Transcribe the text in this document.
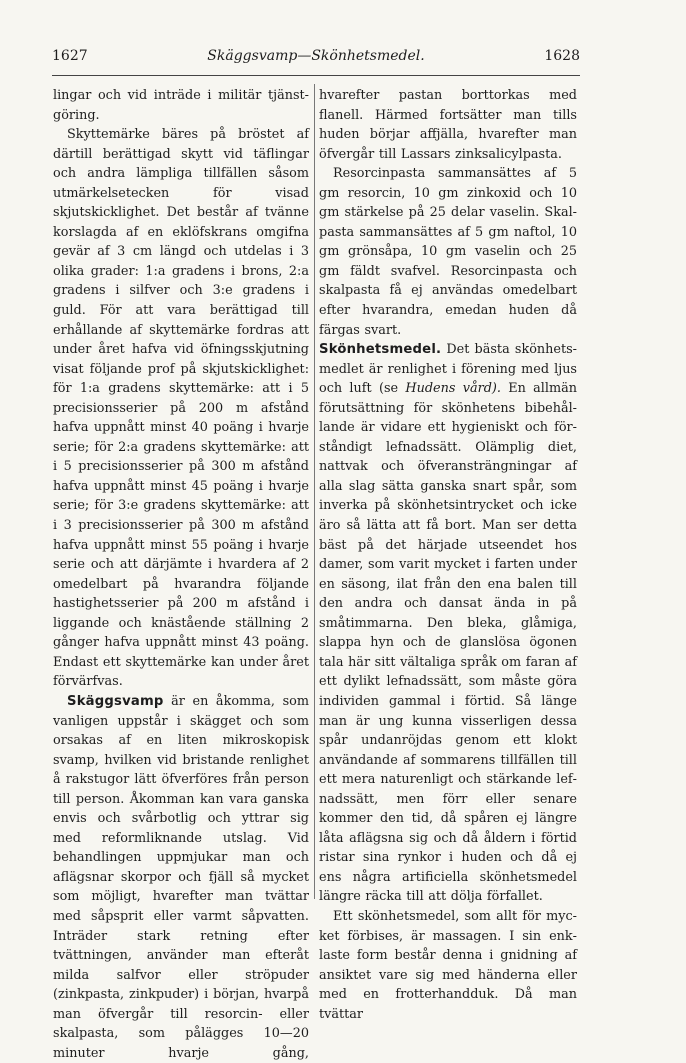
1627	Skäggsvamp—Skönhetsmedel.	1628

lingar och vid inträde i militär tjänstgöring.

Skyttemärke bäres på bröstet af därtill berättigad skytt vid täflingar och andra lämpliga tillfällen såsom utmärkelsetecken för visad skjutskicklighet. Det består af tvänne korslagda af en eklöfskrans omgifna gevär af 3 cm längd och utdelas i 3 olika grader: 1:a gradens i brons, 2:a gradens i silfver och 3:e gradens i guld. För att vara berättigad till erhållande af skyttemärke fordras att under året hafva vid öfningsskjutning visat följande prof på skjutskicklighet: för 1:a gradens skyttemärke: att i 5 precisionsserier på 200 m afstånd hafva uppnått minst 40 poäng i hvarje serie; för 2:a gradens skyttemärke: att i 5 precisionsserier på 300 m afstånd hafva uppnått minst 45 poäng i hvarje serie; för 3:e gradens skyttemärke: att i 3 precisionsserier på 300 m afstånd hafva uppnått minst 55 poäng i hvarje serie och att därjämte i hvardera af 2 omedelbart på hvarandra följande hastighetsserier på 200 m afstånd i liggande och knästående ställning 2 gånger hafva uppnått minst 43 poäng. Endast ett skyttemärke kan under året förvärfvas.

Skäggsvamp är en åkomma, som vanligen uppstår i skägget och som orsakas af en liten mikroskopisk svamp, hvilken vid bristande renlighet å rakstugor lätt öfverföres från person till person. Åkomman kan vara ganska envis och svårbotlig och yttrar sig med reformliknande utslag. Vid behandlingen uppmjukar man och aflägsnar skorpor och fjäll så mycket som möjligt, hvarefter man tvättar med såpsprit eller varmt såpvatten. Inträder stark retning efter tvättningen, använder man efteråt milda salfvor eller ströpuder (zinkpasta, zinkpuder) i början, hvarpå man öfvergår till resorcin- eller skalpasta, som pålägges 10—20 minuter hvarje gång,

hvarefter pastan borttorkas med flanell. Härmed fortsätter man tills huden börjar affjälla, hvarefter man öfvergår till Lassars zinksalicylpasta.

Resorcinpasta sammansättes af 5 gm resorcin, 10 gm zinkoxid och 10 gm stärkelse på 25 delar vaselin. Skalpasta sammansättes af 5 gm naftol, 10 gm grönsåpa, 10 gm vaselin och 25 gm fäldt svafvel. Resorcinpasta och skalpasta få ej användas omedelbart efter hvarandra, emedan huden då färgas svart.

Skönhetsmedel. Det bästa skönhetsmedlet är renlighet i förening med ljus och luft (se Hudens vård). En allmän förutsättning för skönhetens bibehållande är vidare ett hygieniskt och förståndigt lefnadssätt. Olämplig diet, nattvak och öfveransträngningar af alla slag sätta ganska snart spår, som inverka på skönhetsintrycket och icke äro så lätta att få bort. Man ser detta bäst på det härjade utseendet hos damer, som varit mycket i farten under en säsong, ilat från den ena balen till den andra och dansat ända in på småtimmarna. Den bleka, glåmiga, slappa hyn och de glanslösa ögonen tala här sitt vältaliga språk om faran af ett dylikt lefnadssätt, som måste göra individen gammal i förtid. Så länge man är ung kunna visserligen dessa spår undanröjdas genom ett klokt användande af sommarens tillfällen till ett mera naturenligt och stärkande lefnadssätt, men förr eller senare kommer den tid, då spåren ej längre låta aflägsna sig och då åldern i förtid ristar sina rynkor i huden och då ej ens några artificiella skönhetsmedel längre räcka till att dölja förfallet.

Ett skönhetsmedel, som allt för mycket förbises, är massagen. I sin enklaste form består denna i gnidning af ansiktet vare sig med händerna eller med en frotterhandduk. Då man tvättar
